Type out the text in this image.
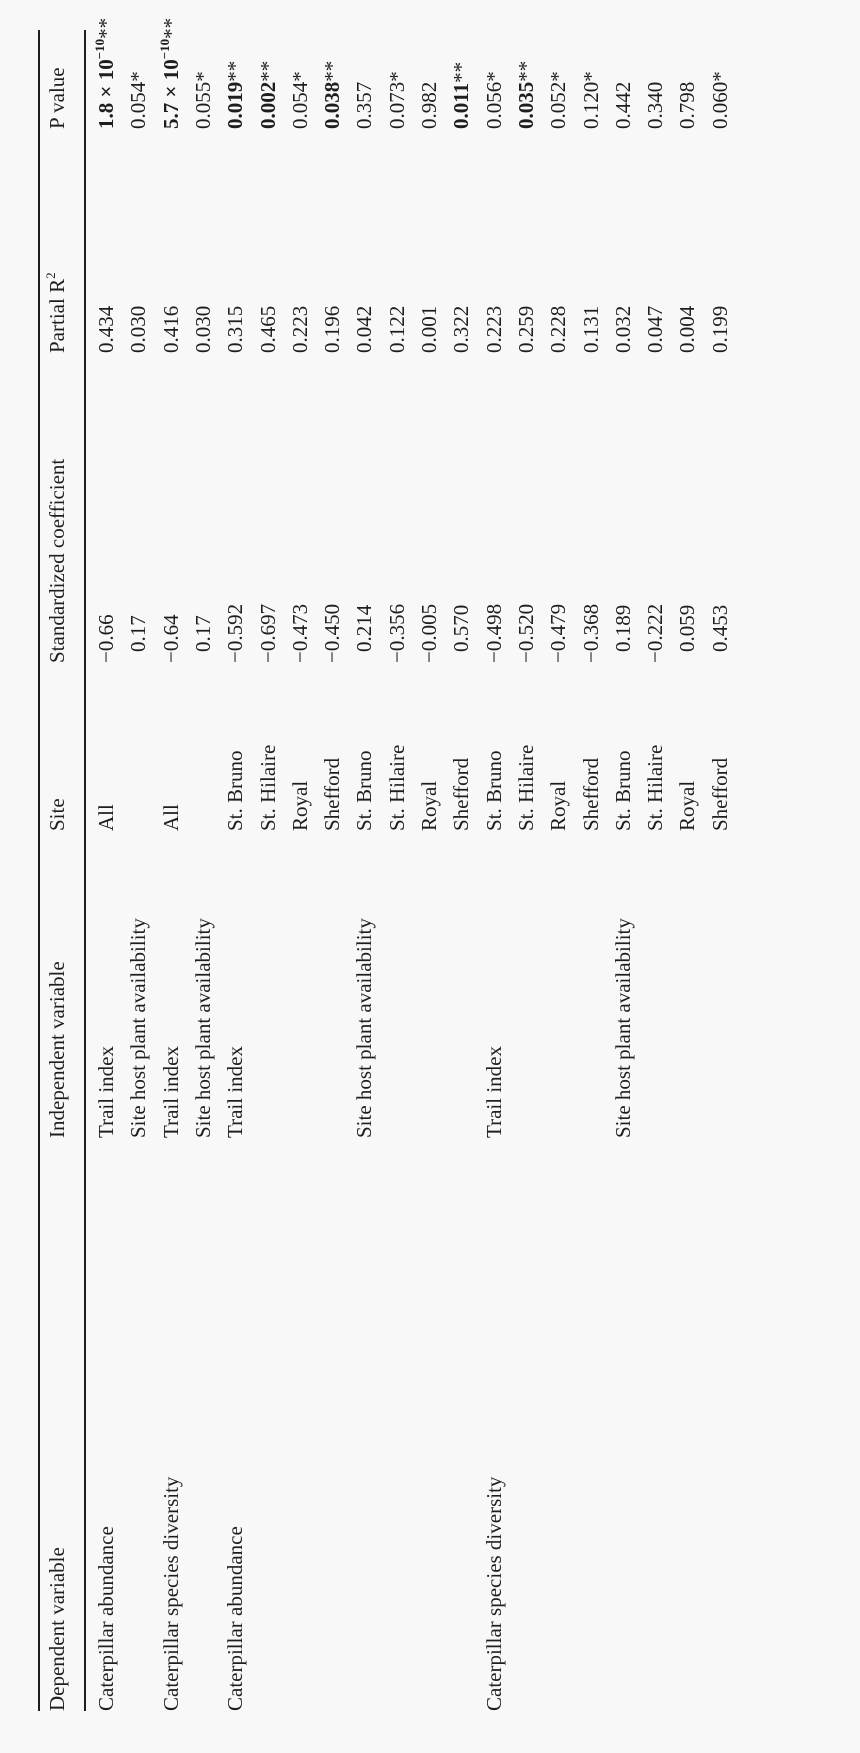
Dependent variable
Independent variable
Site
Standardized coefficient
Partial $R^2$
P value
Caterpillar abundance
Trail index
All
−0.66
0.434
$1.8 \times 10^{-10}**$
Site host plant availability
0.17
0.030
0.054*
Caterpillar species diversity
Trail index
All
−0.64
0.416
$5.7 \times 10^{-10}**$
Site host plant availability
0.17
0.030
0.055*
Caterpillar abundance
Trail index
St. Bruno
−0.592
0.315
0.019**
St. Hilaire
−0.697
0.465
0.002**
Royal
−0.473
0.223
0.054*
Shefford
−0.450
0.196
0.038**
Site host plant availability
St. Bruno
0.214
0.042
0.357
St. Hilaire
−0.356
0.122
0.073*
Royal
−0.005
0.001
0.982
Shefford
0.570
0.322
0.011**
Caterpillar species diversity
Trail index
St. Bruno
−0.498
0.223
0.056*
St. Hilaire
−0.520
0.259
0.035**
Royal
−0.479
0.228
0.052*
Shefford
−0.368
0.131
0.120*
Site host plant availability
St. Bruno
0.189
0.032
0.442
St. Hilaire
−0.222
0.047
0.340
Royal
0.059
0.004
0.798
Shefford
0.453
0.199
0.060*
